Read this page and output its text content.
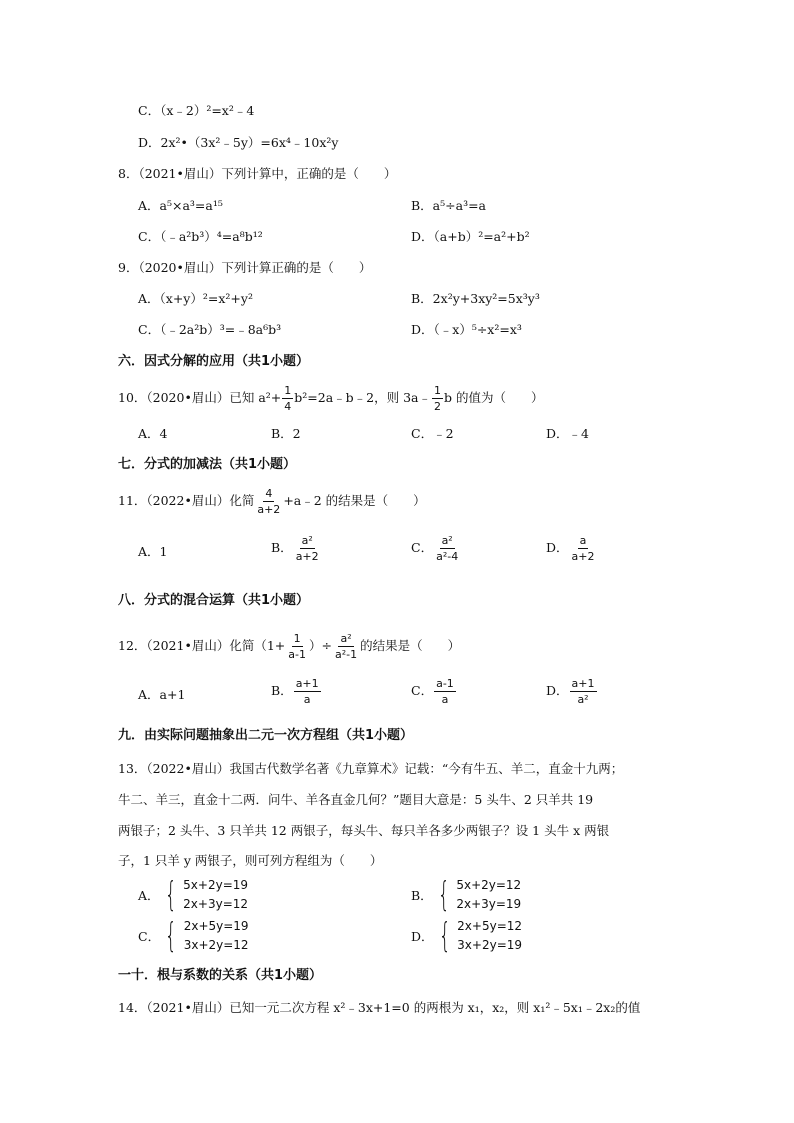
C．（x﹣2）²=x²﹣4
D．2x²•（3x²﹣5y）=6x⁴﹣10x²y
8．（2021•眉山）下列计算中，正确的是（　　）
A．a⁵×a³=a¹⁵	B．a⁵÷a³=a
C．（﹣a²b³）⁴=a⁸b¹²	D．（a+b）²=a²+b²
9．（2020•眉山）下列计算正确的是（　　）
A．（x+y）²=x²+y²	B．2x²y+3xy²=5x³y³
C．（﹣2a²b）³=﹣8a⁶b³	D．（﹣x）⁵÷x²=x³
六．因式分解的应用（共1小题）
10．（2020•眉山）已知 $a^2+ \frac{1}{4}$ b²=2a﹣b﹣2，则 3a﹣ $\frac{1}{2}$ b 的值为（　　）
A．4	B．2	C．﹣2	D．﹣4
七．分式的加减法（共1小题）
11．（2022•眉山）化简 $\frac{4}{a+2}$ +a﹣2 的结果是（　　）
A．1	B． $\frac{\text{a²}}{a+2}$	C． $\frac{\text{a²}}{\text{a²-4}}$	D． $\frac{a}{a+2}$
八．分式的混合运算（共1小题）
12．（2021•眉山）化简（$1+ \frac{1}{a-1}$ ）÷ $\frac{\text{a²}}{\text{a²-1}}$ 的结果是（　　）
A．a+1	B． $\frac{a+1}{a}$	C． $\frac{a-1}{a}$	D． $\frac{a+1}{\text{a²}}$
九．由实际问题抽象出二元一次方程组（共1小题）
13．（2022•眉山）我国古代数学名著《九章算术》记载：“今有牛五、羊二，直金十九两；
牛二、羊三，直金十二两．问牛、羊各直金几何？”题目大意是：5 头牛、2 只羊共 19
两银子；2 头牛、3 只羊共 12 两银子，每头牛、每只羊各多少两银子？设 1 头牛 x 两银
子，1 只羊 y 两银子，则可列方程组为（　　）
A． { 5x+2y=19
2x+3y=12
B． { 5x+2y=12
2x+3y=19
C． { 2x+5y=19
3x+2y=12
D． { 2x+5y=12
3x+2y=19
一十．根与系数的关系（共1小题）
14．（2021•眉山）已知一元二次方程 x²﹣3x+1=0 的两根为 x₁，x₂，则 x₁²﹣5x₁﹣2x₂的值
